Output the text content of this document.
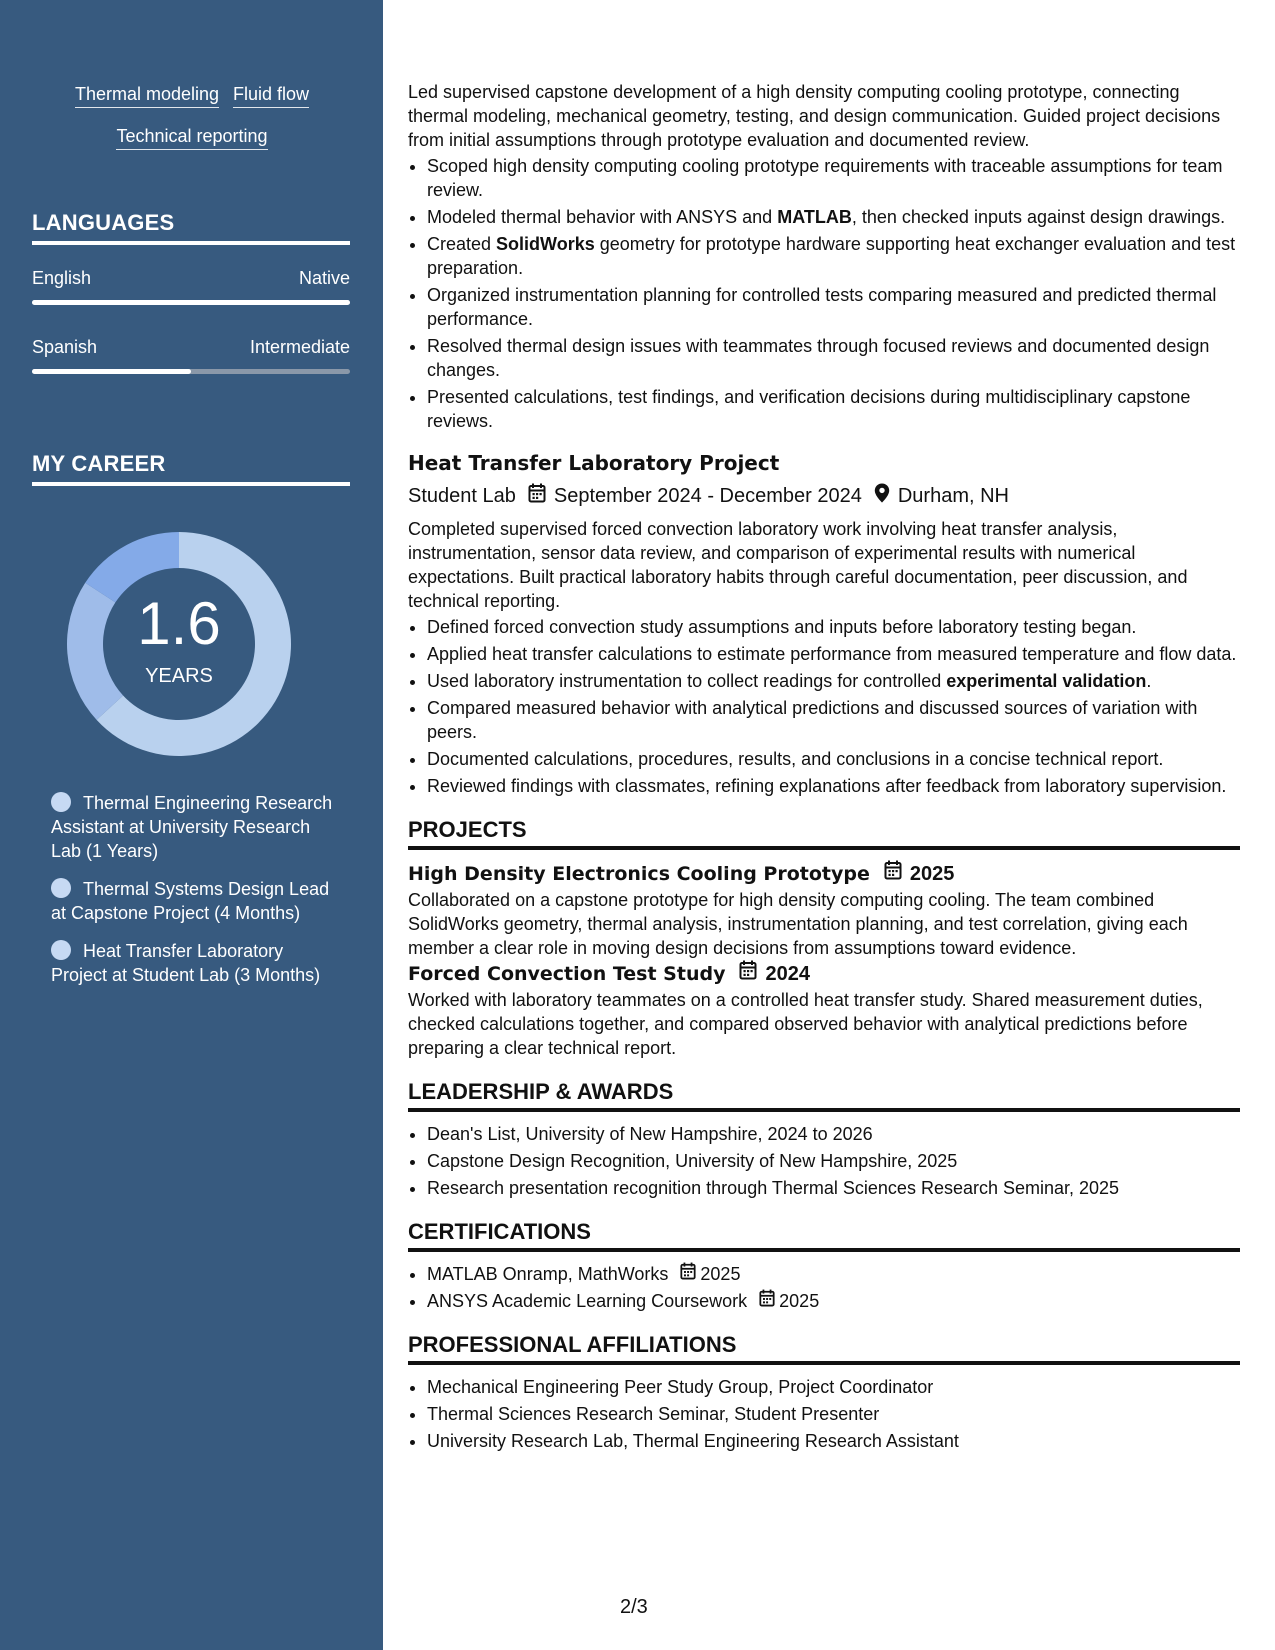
Thermal modeling Fluid flow
Technical reporting
LANGUAGES
English	Native
Spanish	Intermediate
MY CAREER
1.6
YEARS
Thermal Engineering Research Assistant at University Research Lab (1 Years)
Thermal Systems Design Lead at Capstone Project (4 Months)
Heat Transfer Laboratory Project at Student Lab (3 Months)

Led supervised capstone development of a high density computing cooling prototype, connecting thermal modeling, mechanical geometry, testing, and design communication. Guided project decisions from initial assumptions through prototype evaluation and documented review.

• Scoped high density computing cooling prototype requirements with traceable assumptions for team review.
• Modeled thermal behavior with ANSYS and MATLAB, then checked inputs against design drawings.
• Created SolidWorks geometry for prototype hardware supporting heat exchanger evaluation and test preparation.
• Organized instrumentation planning for controlled tests comparing measured and predicted thermal performance.
• Resolved thermal design issues with teammates through focused reviews and documented design changes.
• Presented calculations, test findings, and verification decisions during multidisciplinary capstone reviews.
Heat Transfer Laboratory Project
Student Lab September 2024 - December 2024 Durham, NH

Completed supervised forced convection laboratory work involving heat transfer analysis, instrumentation, sensor data review, and comparison of experimental results with numerical expectations. Built practical laboratory habits through careful documentation, peer discussion, and technical reporting.

• Defined forced convection study assumptions and inputs before laboratory testing began.
• Applied heat transfer calculations to estimate performance from measured temperature and flow data.
• Used laboratory instrumentation to collect readings for controlled experimental validation.
• Compared measured behavior with analytical predictions and discussed sources of variation with peers.
• Documented calculations, procedures, results, and conclusions in a concise technical report.
• Reviewed findings with classmates, refining explanations after feedback from laboratory supervision.
PROJECTS
High Density Electronics Cooling Prototype 2025

Collaborated on a capstone prototype for high density computing cooling. The team combined SolidWorks geometry, thermal analysis, instrumentation planning, and test correlation, giving each member a clear role in moving design decisions from assumptions toward evidence.

Forced Convection Test Study 2024

Worked with laboratory teammates on a controlled heat transfer study. Shared measurement duties, checked calculations together, and compared observed behavior with analytical predictions before preparing a clear technical report.

LEADERSHIP & AWARDS
• Dean's List, University of New Hampshire, 2024 to 2026
• Capstone Design Recognition, University of New Hampshire, 2025
• Research presentation recognition through Thermal Sciences Research Seminar, 2025
CERTIFICATIONS
• MATLAB Onramp, MathWorks 2025
• ANSYS Academic Learning Coursework 2025
PROFESSIONAL AFFILIATIONS
• Mechanical Engineering Peer Study Group, Project Coordinator
• Thermal Sciences Research Seminar, Student Presenter
• University Research Lab, Thermal Engineering Research Assistant
2/3
